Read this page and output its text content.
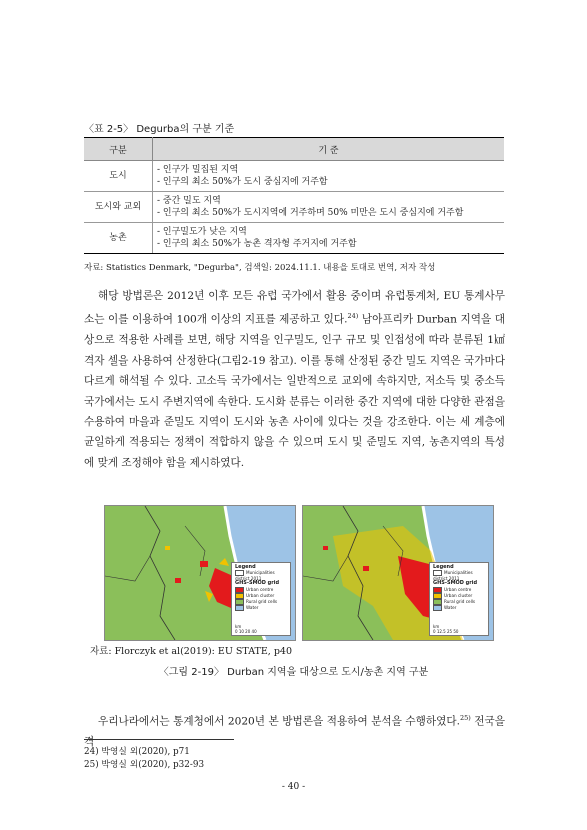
〈표 2-5〉 Degurba의 구분 기준
구분	기 준
도시	- 인구가 밀집된 지역
- 인구의 최소 50%가 도시 중심지에 거주함

도시와 교외	- 중간 밀도 지역
- 인구의 최소 50%가 도시지역에 거주하며 50% 미만은 도시 중심지에 거주함

농촌	- 인구밀도가 낮은 지역
- 인구의 최소 50%가 농촌 격자형 주거지에 거주함
자료: Statistics Denmark, "Degurba", 검색일: 2024.11.1. 내용을 토대로 번역, 저자 작성

해당 방법론은 2012년 이후 모든 유럽 국가에서 활용 중이며 유럽통계처, EU 통계사무소는 이를 이용하여 100개 이상의 지표를 제공하고 있다.$^{24)}$ 남아프리카 Durban 지역을 대상으로 적용한 사례를 보면, 해당 지역을 인구밀도, 인구 규모 및 인접성에 따라 분류된 1㎢ 격자 셀을 사용하여 산정한다(그림2-19 참고). 이를 통해 산정된 중간 밀도 지역은 국가마다 다르게 해석될 수 있다. 고소득 국가에서는 일반적으로 교외에 속하지만, 저소득 및 중소득 국가에서는 도시 주변지역에 속한다. 도시화 분류는 이러한 중간 지역에 대한 다양한 관점을 수용하여 마을과 준밀도 지역이 도시와 농촌 사이에 있다는 것을 강조한다. 이는 세 계층에 균일하게 적용되는 정책이 적합하지 않을 수 있으며 도시 및 준밀도 지역, 농촌지역의 특성에 맞게 조정해야 함을 제시하였다.

Legend
Municipalities district 2011
GHS-SMOD grid
Urban centre
Urban cluster
Rural grid cells
Water
km
0 10 20 40
Legend
Municipalities district 2011
GHS-SMOD grid
Urban centre
Urban cluster
Rural grid cells
Water
km
0 12.5 25 50
자료: Florczyk et al(2019): EU STATE, p40
〈그림 2-19〉 Durban 지역을 대상으로 도시/농촌 지역 구분

우리나라에서는 통계청에서 2020년 본 방법론을 적용하여 분석을 수행하였다.$^{25)}$ 전국을 격

24) 박영실 외(2020), p71
25) 박영실 외(2020), p32-93
- 40 -
